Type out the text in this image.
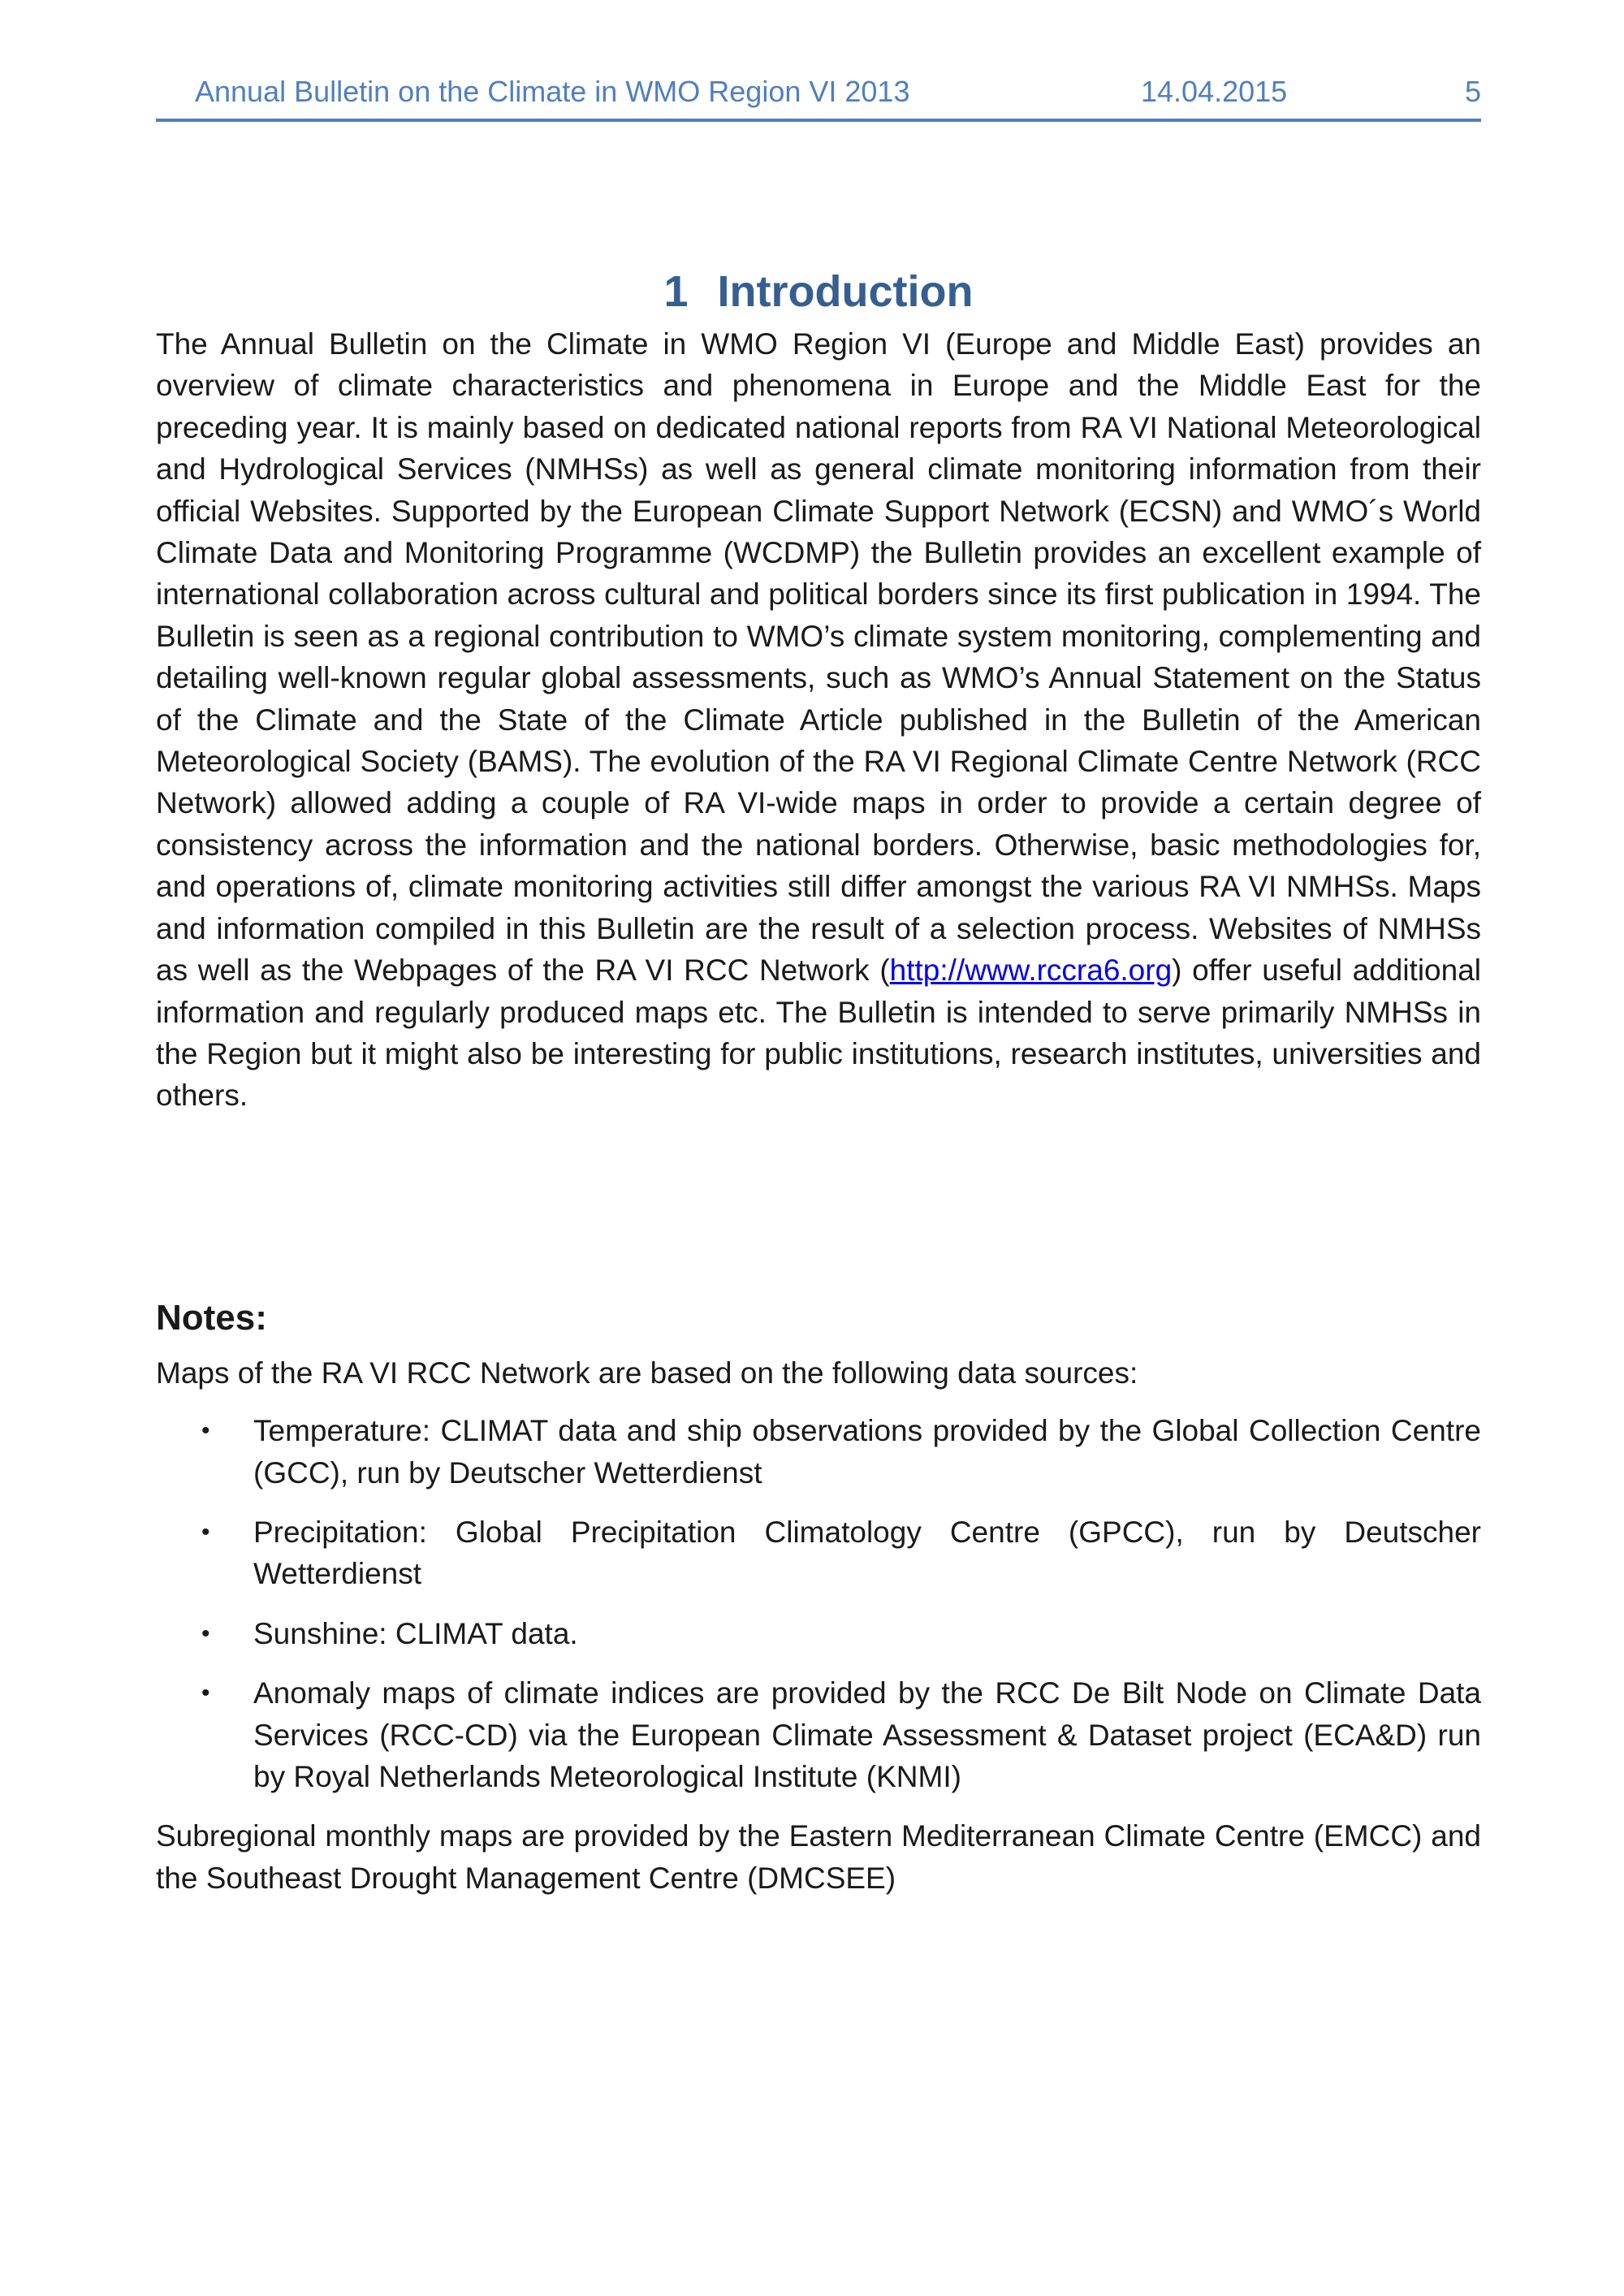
Annual Bulletin on the Climate in WMO Region VI 2013	14.04.2015	5
1 Introduction

The Annual Bulletin on the Climate in WMO Region VI (Europe and Middle East) provides an overview of climate characteristics and phenomena in Europe and the Middle East for the preceding year. It is mainly based on dedicated national reports from RA VI National Meteorological and Hydrological Services (NMHSs) as well as general climate monitoring information from their official Websites. Supported by the European Climate Support Network (ECSN) and WMO´s World Climate Data and Monitoring Programme (WCDMP) the Bulletin provides an excellent example of international collaboration across cultural and political borders since its first publication in 1994. The Bulletin is seen as a regional contribution to WMO’s climate system monitoring, complementing and detailing well-known regular global assessments, such as WMO’s Annual Statement on the Status of the Climate and the State of the Climate Article published in the Bulletin of the American Meteorological Society (BAMS). The evolution of the RA VI Regional Climate Centre Network (RCC Network) allowed adding a couple of RA VI-wide maps in order to provide a certain degree of consistency across the information and the national borders. Otherwise, basic methodologies for, and operations of, climate monitoring activities still differ amongst the various RA VI NMHSs. Maps and information compiled in this Bulletin are the result of a selection process. Websites of NMHSs as well as the Webpages of the RA VI RCC Network (http://www.rccra6.org) offer useful additional information and regularly produced maps etc. The Bulletin is intended to serve primarily NMHSs in the Region but it might also be interesting for public institutions, research institutes, universities and others.

Notes:

Maps of the RA VI RCC Network are based on the following data sources:

• Temperature: CLIMAT data and ship observations provided by the Global Collection Centre (GCC), run by Deutscher Wetterdienst
• Precipitation: Global Precipitation Climatology Centre (GPCC), run by Deutscher Wetterdienst
• Sunshine: CLIMAT data.
• Anomaly maps of climate indices are provided by the RCC De Bilt Node on Climate Data Services (RCC-CD) via the European Climate Assessment & Dataset project (ECA&D) run by Royal Netherlands Meteorological Institute (KNMI)

Subregional monthly maps are provided by the Eastern Mediterranean Climate Centre (EMCC) and the Southeast Drought Management Centre (DMCSEE)
